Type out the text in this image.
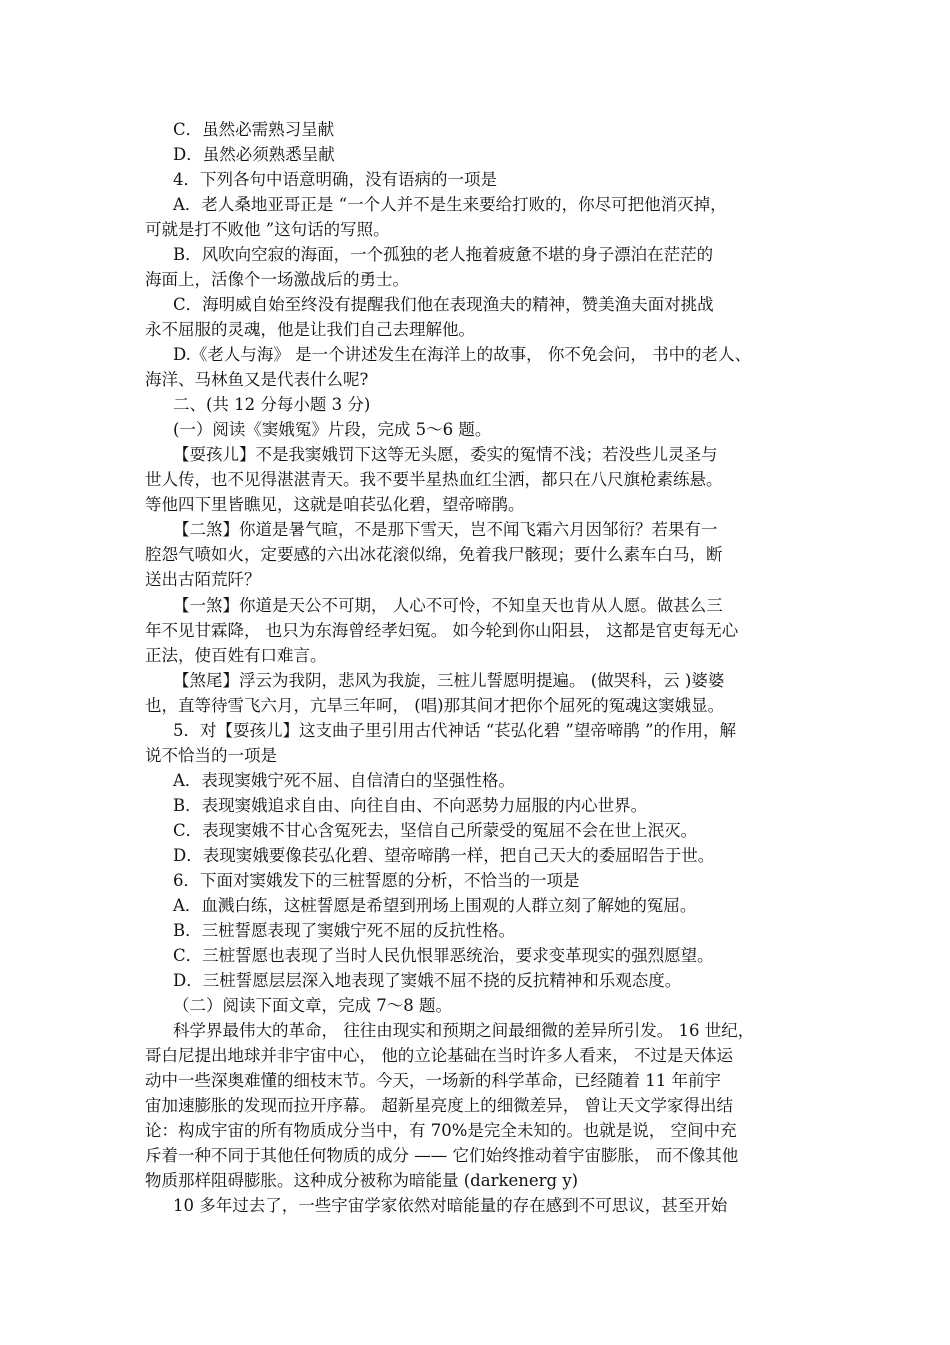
C．虽然必需熟习呈献
D．虽然必须熟悉呈献
4．下列各句中语意明确，没有语病的一项是
A．老人桑地亚哥正是 “一个人并不是生来要给打败的，你尽可把他消灭掉，
可就是打不败他 ”这句话的写照。
B．风吹向空寂的海面，一个孤独的老人拖着疲惫不堪的身子漂泊在茫茫的
海面上，活像个一场激战后的勇士。
C．海明威自始至终没有提醒我们他在表现渔夫的精神，赞美渔夫面对挑战
永不屈服的灵魂，他是让我们自己去理解他。
D.《老人与海》 是一个讲述发生在海洋上的故事， 你不免会问， 书中的老人、
海洋、马林鱼又是代表什么呢?
二、(共 12 分每小题 3 分)
(一）阅读《窦娥冤》片段，完成 5～6 题。
【耍孩儿】不是我窦娥罚下这等无头愿，委实的冤情不浅；若没些儿灵圣与
世人传，也不见得湛湛青天。我不要半星热血红尘洒，都只在八尺旗枪素练悬。
等他四下里皆瞧见，这就是咱苌弘化碧，望帝啼鹃。
【二煞】你道是暑气暄，不是那下雪天，岂不闻飞霜六月因邹衍？若果有一
腔怨气喷如火，定要感的六出冰花滚似绵，免着我尸骸现；要什么素车白马，断
送出古陌荒阡？
【一煞】你道是天公不可期， 人心不可怜，不知皇天也肯从人愿。做甚么三
年不见甘霖降， 也只为东海曾经孝妇冤。 如今轮到你山阳县， 这都是官吏每无心
正法，使百姓有口难言。
【煞尾】浮云为我阴，悲风为我旋，三桩儿誓愿明提遍。 (做哭科，云 )婆婆
也，直等待雪飞六月，亢旱三年呵， (唱)那其间才把你个屈死的冤魂这窦娥显。
5．对【耍孩儿】这支曲子里引用古代神话 “苌弘化碧 ”望帝啼鹃 ”的作用，解
说不恰当的一项是
A．表现窦娥宁死不屈、自信清白的坚强性格。
B．表现窦娥追求自由、向往自由、不向恶势力屈服的内心世界。
C．表现窦娥不甘心含冤死去，坚信自己所蒙受的冤屈不会在世上泯灭。
D．表现窦娥要像苌弘化碧、望帝啼鹃一样，把自己天大的委屈昭告于世。
6．下面对窦娥发下的三桩誓愿的分析，不恰当的一项是
A．血溅白练，这桩誓愿是希望到刑场上围观的人群立刻了解她的冤屈。
B．三桩誓愿表现了窦娥宁死不屈的反抗性格。
C．三桩誓愿也表现了当时人民仇恨罪恶统治，要求变革现实的强烈愿望。
D．三桩誓愿层层深入地表现了窦娥不屈不挠的反抗精神和乐观态度。
（二）阅读下面文章，完成 7～8 题。
科学界最伟大的革命， 往往由现实和预期之间最细微的差异所引发。 16 世纪，
哥白尼提出地球并非宇宙中心， 他的立论基础在当时许多人看来， 不过是天体运
动中一些深奥难懂的细枝末节。今天，一场新的科学革命，已经随着 11 年前宇
宙加速膨胀的发现而拉开序幕。 超新星亮度上的细微差异， 曾让天文学家得出结
论：构成宇宙的所有物质成分当中，有 70%是完全未知的。也就是说， 空间中充
斥着一种不同于其他任何物质的成分 —— 它们始终推动着宇宙膨胀， 而不像其他
物质那样阻碍膨胀。这种成分被称为暗能量 (darkenerg y)
10 多年过去了，一些宇宙学家依然对暗能量的存在感到不可思议，甚至开始
